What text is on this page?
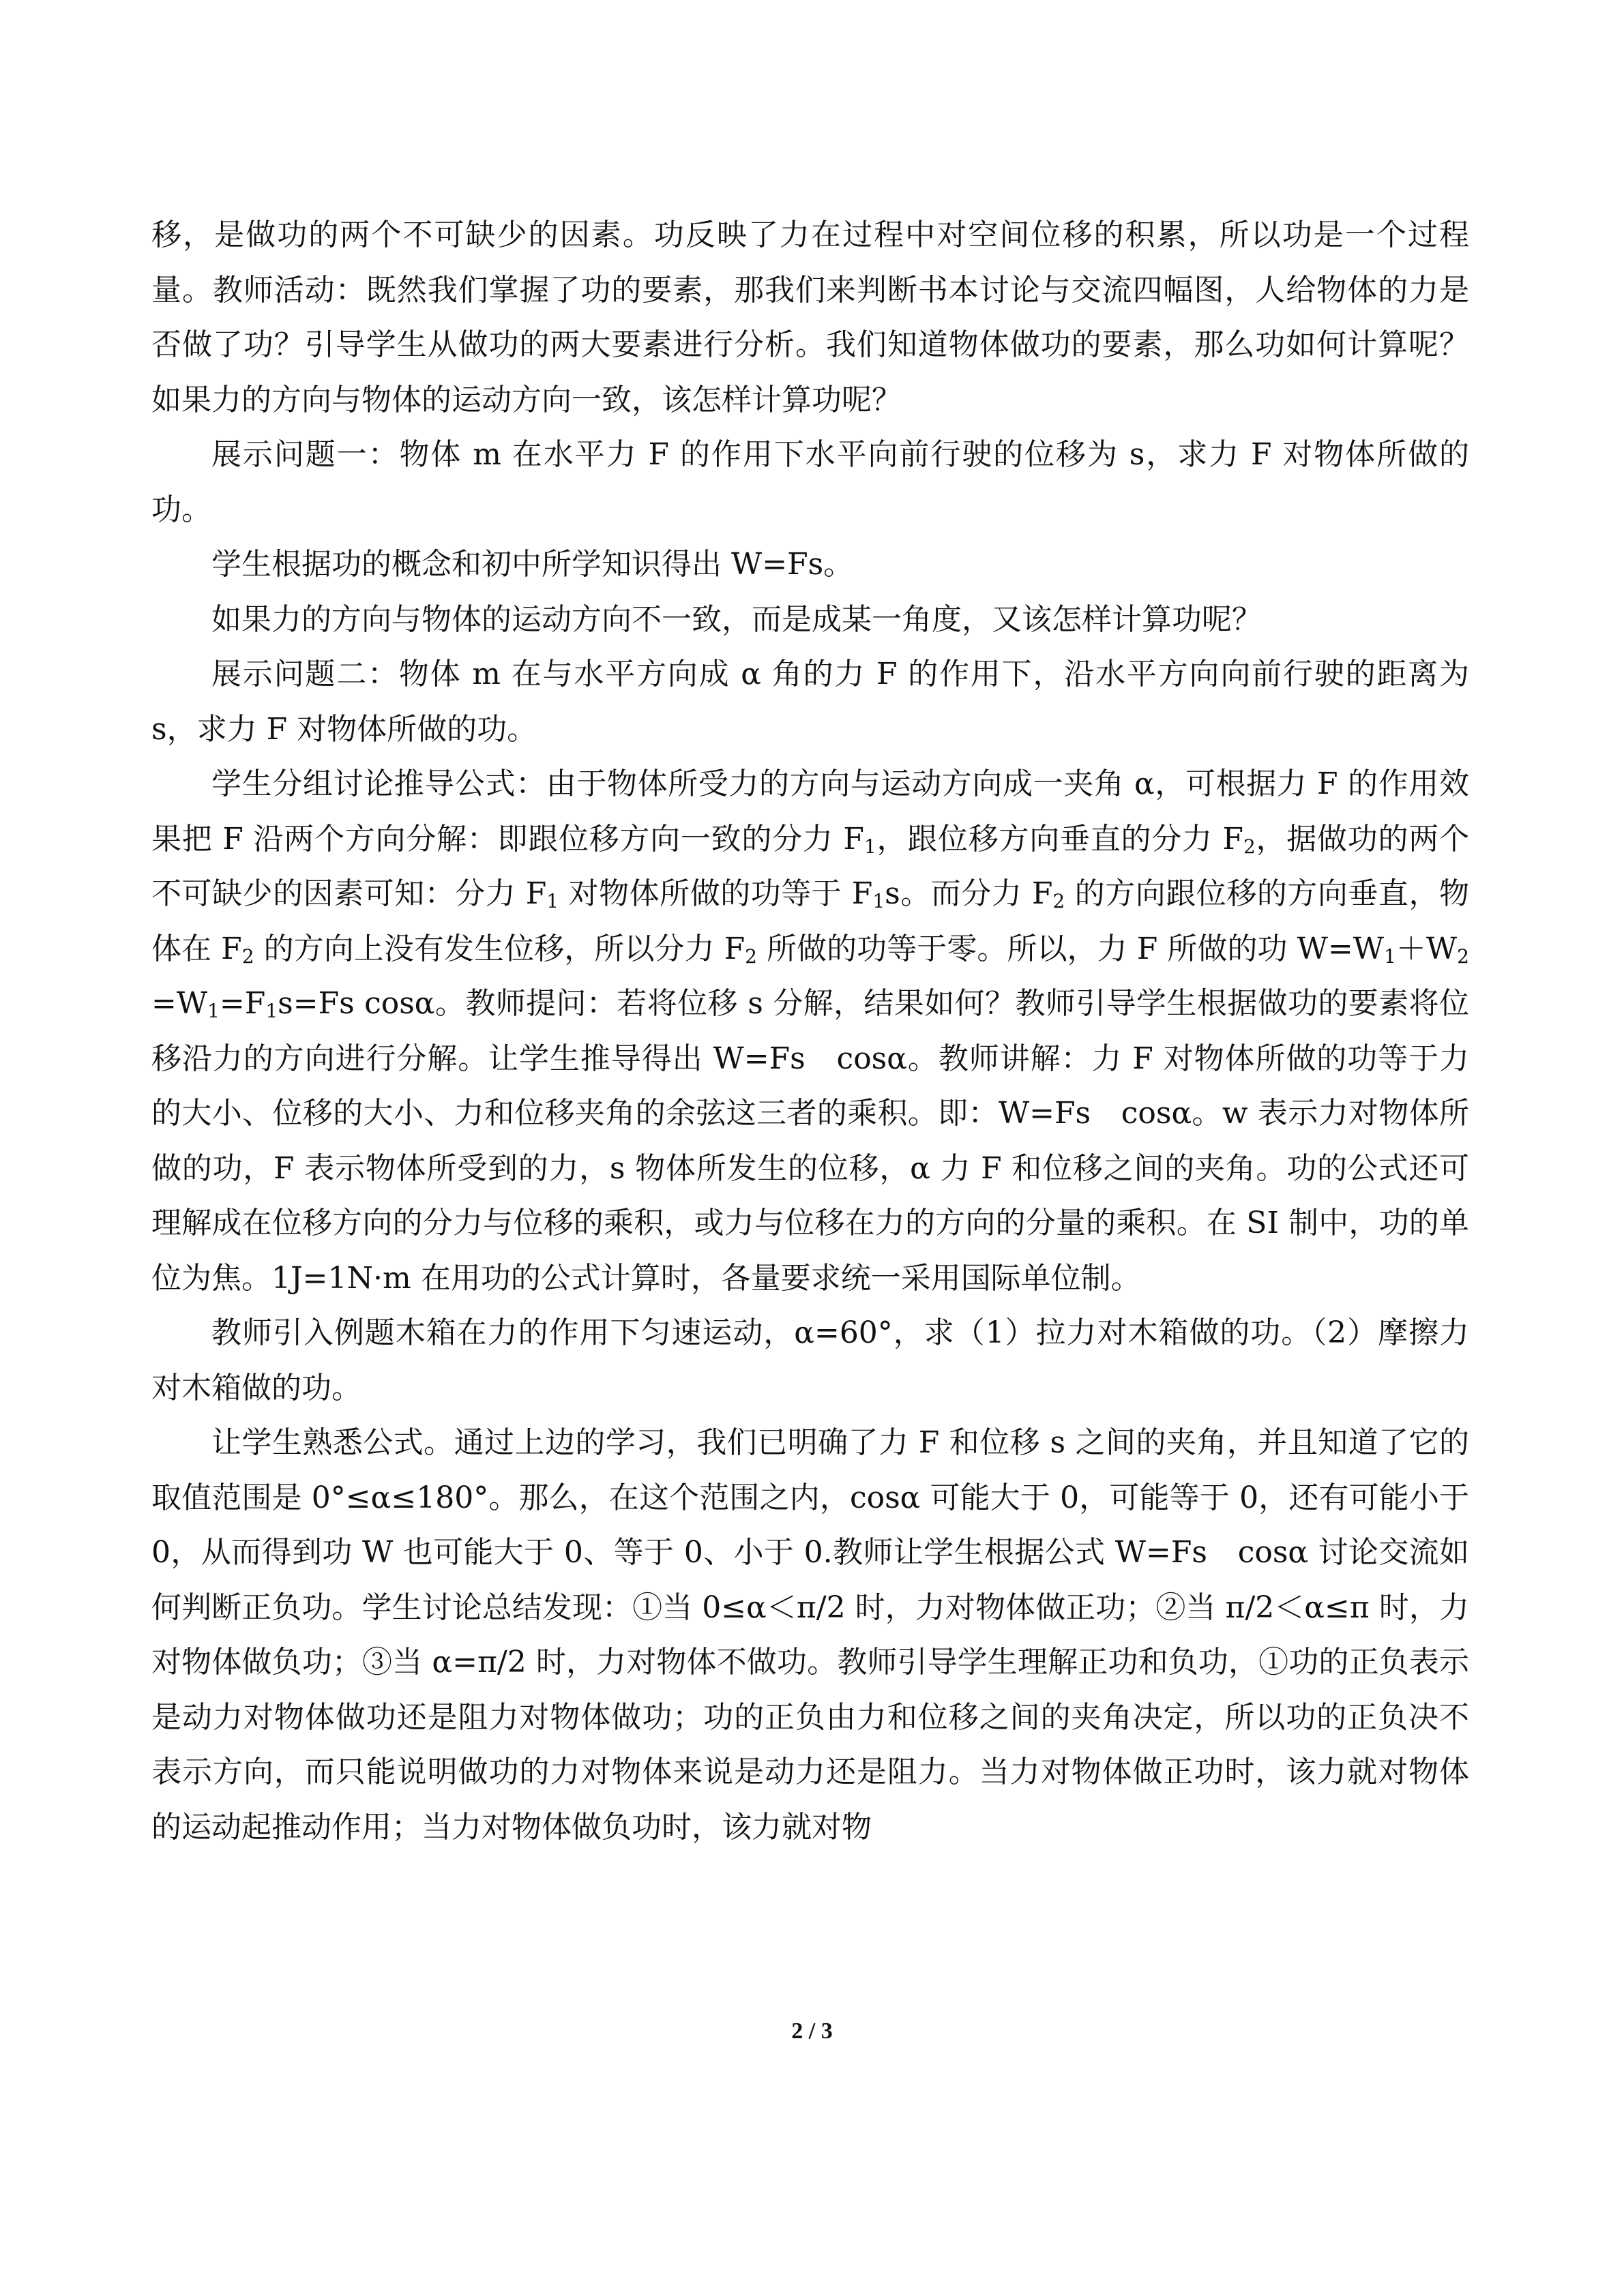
移，是做功的两个不可缺少的因素。功反映了力在过程中对空间位移的积累，所以功是一个过程量。教师活动：既然我们掌握了功的要素，那我们来判断书本讨论与交流四幅图，人给物体的力是否做了功？引导学生从做功的两大要素进行分析。我们知道物体做功的要素，那么功如何计算呢？如果力的方向与物体的运动方向一致，该怎样计算功呢？

展示问题一：物体 m 在水平力 F 的作用下水平向前行驶的位移为 s，求力 F 对物体所做的功。

学生根据功的概念和初中所学知识得出 W=Fs。

如果力的方向与物体的运动方向不一致，而是成某一角度，又该怎样计算功呢？

展示问题二：物体 m 在与水平方向成 α 角的力 F 的作用下，沿水平方向向前行驶的距离为 s，求力 F 对物体所做的功。

学生分组讨论推导公式：由于物体所受力的方向与运动方向成一夹角 α，可根据力 F 的作用效果把 F 沿两个方向分解：即跟位移方向一致的分力 $F_1$，跟位移方向垂直的分力 $F_2$，据做功的两个不可缺少的因素可知：分力 $F_1$ 对物体所做的功等于 $F_1s$。而分力 $F_2$ 的方向跟位移的方向垂直，物体在 $F_2$ 的方向上没有发生位移，所以分力 $F_2$ 所做的功等于零。所以，力 F 所做的功 $W=W_1+W_2=W_1=F_1s=Fs$ cosα。教师提问：若将位移 s 分解，结果如何？教师引导学生根据做功的要素将位移沿力的方向进行分解。让学生推导得出 W=Fs　cosα。教师讲解：力 F 对物体所做的功等于力的大小、位移的大小、力和位移夹角的余弦这三者的乘积。即：W=Fs　cosα。w 表示力对物体所做的功，F 表示物体所受到的力，s 物体所发生的位移，α 力 F 和位移之间的夹角。功的公式还可理解成在位移方向的分力与位移的乘积，或力与位移在力的方向的分量的乘积。在 SI 制中，功的单位为焦。1J=1N·m 在用功的公式计算时，各量要求统一采用国际单位制。

教师引入例题木箱在力的作用下匀速运动，α=60°，求（1）拉力对木箱做的功。（2）摩擦力对木箱做的功。

让学生熟悉公式。通过上边的学习，我们已明确了力 F 和位移 s 之间的夹角，并且知道了它的取值范围是 0°≤α≤180°。那么，在这个范围之内，cosα 可能大于 0，可能等于 0，还有可能小于 0，从而得到功 W 也可能大于 0、等于 0、小于 0.教师让学生根据公式 W=Fs　cosα 讨论交流如何判断正负功。学生讨论总结发现：①当 0≤α＜π/2 时，力对物体做正功；②当 π/2＜α≤π 时，力对物体做负功；③当 α=π/2 时，力对物体不做功。教师引导学生理解正功和负功，①功的正负表示是动力对物体做功还是阻力对物体做功；功的正负由力和位移之间的夹角决定，所以功的正负决不表示方向，而只能说明做功的力对物体来说是动力还是阻力。当力对物体做正功时，该力就对物体的运动起推动作用；当力对物体做负功时，该力就对物

2 / 3
